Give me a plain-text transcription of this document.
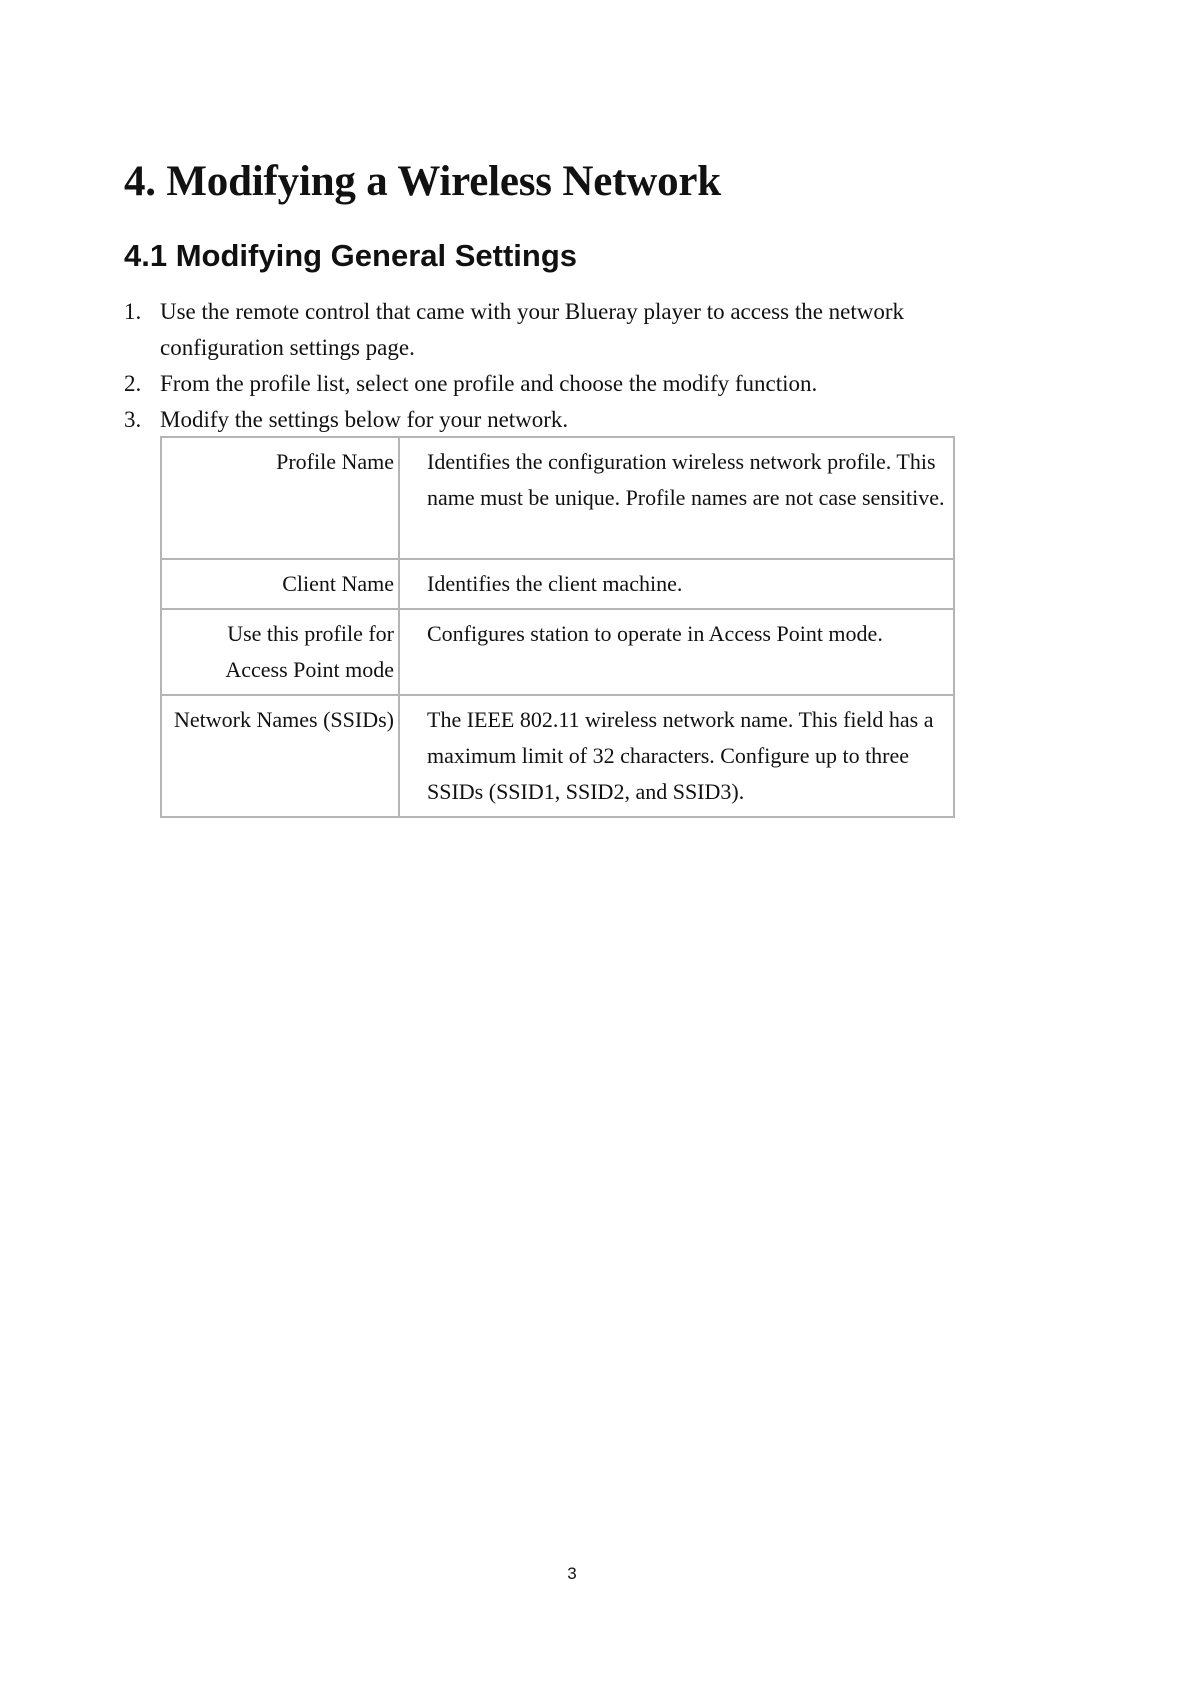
4. Modifying a Wireless Network
4.1 Modifying General Settings
1. Use the remote control that came with your Blueray player to access the network configuration settings page.
2. From the profile list, select one profile and choose the modify function.
3. Modify the settings below for your network.
Profile Name	Identifies the configuration wireless network profile. This name must be unique. Profile names are not case sensitive.
Client Name	Identifies the client machine.
Use this profile for Access Point mode	Configures station to operate in Access Point mode.
Network Names (SSIDs)	The IEEE 802.11 wireless network name. This field has a maximum limit of 32 characters. Configure up to three SSIDs (SSID1, SSID2, and SSID3).
3
